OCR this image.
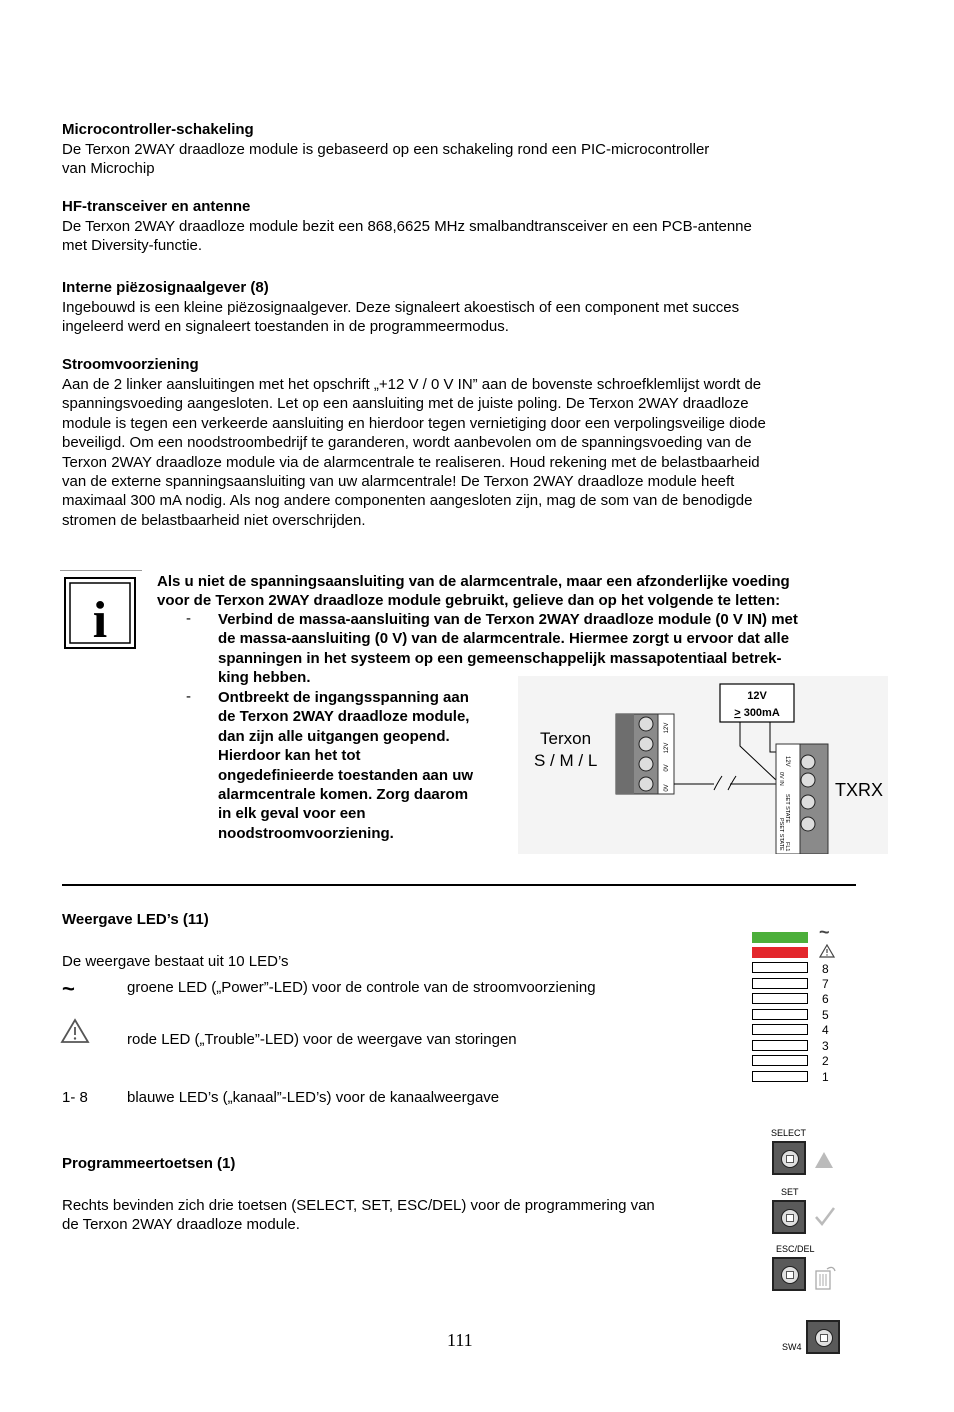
Microcontroller-schakeling
De Terxon 2WAY draadloze module is gebaseerd op een schakeling rond een PIC-microcontroller
van Microchip
HF-transceiver en antenne
De Terxon 2WAY draadloze module bezit een 868,6625 MHz smalbandtransceiver en een PCB-antenne
met Diversity-functie.
Interne piëzosignaalgever (8)
Ingebouwd is een kleine piëzosignaalgever. Deze signaleert akoestisch of een component met succes
ingeleerd werd en signaleert toestanden in de programmeermodus.
Stroomvoorziening
Aan de 2 linker aansluitingen met het opschrift „+12 V / 0 V IN” aan de bovenste schroefklemlijst wordt de
spanningsvoeding aangesloten. Let op een aansluiting met de juiste poling. De Terxon 2WAY draadloze
module is tegen een verkeerde aansluiting en hierdoor tegen vernietiging door een verpolingsveilige diode
beveiligd. Om een noodstroombedrijf te garanderen, wordt aanbevolen om de spanningsvoeding van de
Terxon 2WAY draadloze module via de alarmcentrale te realiseren. Houd rekening met de belastbaarheid
van de externe spanningsaansluiting van uw alarmcentrale! De Terxon 2WAY draadloze module heeft
maximaal 300 mA nodig. Als nog andere componenten aangesloten zijn, mag de som van de benodigde
stromen de belastbaarheid niet overschrijden.
i
Als u niet de spanningsaansluiting van de alarmcentrale, maar een afzonderlijke voeding
voor de Terxon 2WAY draadloze module gebruikt, gelieve dan op het volgende te letten:
- Verbind de massa-aansluiting van de Terxon 2WAY draadloze module (0 V IN) met
de massa-aansluiting (0 V) van de alarmcentrale. Hiermee zorgt u ervoor dat alle
spanningen in het systeem op een gemeenschappelijk massapotentiaal betrek-
king hebben.
- Ontbreekt de ingangsspanning aan
de Terxon 2WAY draadloze module,
dan zijn alle uitgangen geopend.
Hierdoor kan het tot
ongedefinieerde toestanden aan uw
alarmcentrale komen. Zorg daarom
in elk geval voor een
noodstroomvoorziening.
12V
> 300mA
12V
12V
0V
0V
12V
0V IN
SET STATE
PSET STATE FL1
Terxon
S / M / L
TXRX
Weergave LED’s (11)
De weergave bestaat uit 10 LED’s
~	groene LED („Power”-LED) voor de controle van de stroomvoorziening
rode LED („Trouble”-LED) voor de weergave van storingen
1- 8	blauwe LED’s („kanaal”-LED’s) voor de kanaalweergave
~
8
7
6
5
4
3
2
1
Programmeertoetsen (1)
Rechts bevinden zich drie toetsen (SELECT, SET, ESC/DEL) voor de programmering van
de Terxon 2WAY draadloze module.
SELECT
SET
ESC/DEL
SW4
111
